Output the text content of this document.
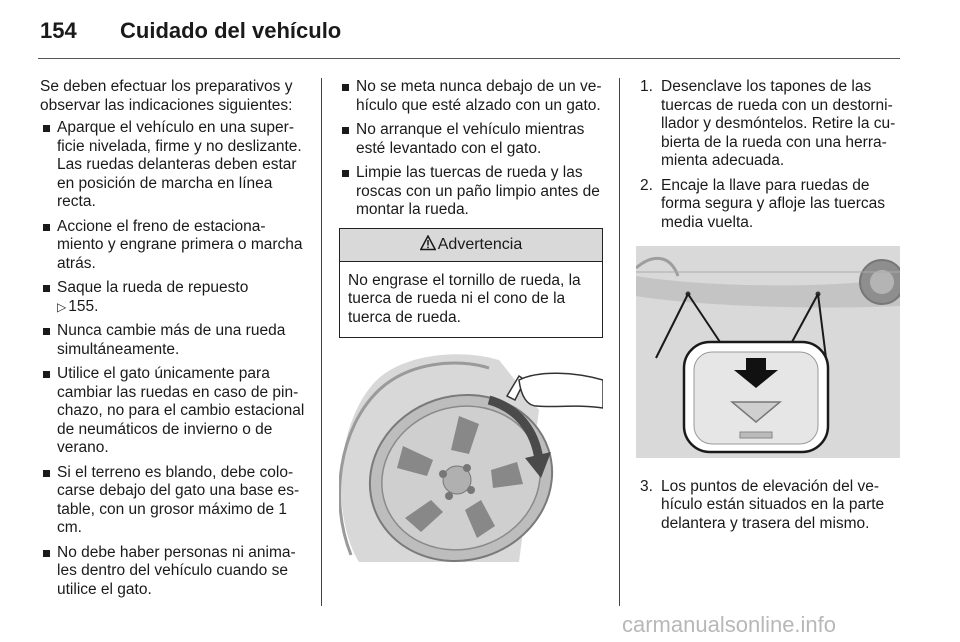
154 Cuidado del vehículo

Se deben efectuar los preparativos y observar las indicaciones siguientes:

Aparque el vehículo en una superficie nivelada, firme y no deslizante. Las ruedas delanteras deben estar en posición de marcha en línea recta.
Accione el freno de estacionamiento y engrane primera o marcha atrás.
Saque la rueda de repuesto
▷ 155.
Nunca cambie más de una rueda simultáneamente.
Utilice el gato únicamente para cambiar las ruedas en caso de pinchazo, no para el cambio estacional de neumáticos de invierno o de verano.
Si el terreno es blando, debe colocarse debajo del gato una base estable, con un grosor máximo de 1 cm.
No debe haber personas ni animales dentro del vehículo cuando se utilice el gato.
No se meta nunca debajo de un vehículo que esté alzado con un gato.
No arranque el vehículo mientras esté levantado con el gato.
Limpie las tuercas de rueda y las roscas con un paño limpio antes de montar la rueda.
Advertencia
No engrase el tornillo de rueda, la tuerca de rueda ni el cono de la tuerca de rueda.
1. Desenclave los tapones de las tuercas de rueda con un destornillador y desmóntelos. Retire la cubierta de la rueda con una herramienta adecuada.
2. Encaje la llave para ruedas de forma segura y afloje las tuercas media vuelta.
3. Los puntos de elevación del vehículo están situados en la parte delantera y trasera del mismo.
carmanualsonline.info
